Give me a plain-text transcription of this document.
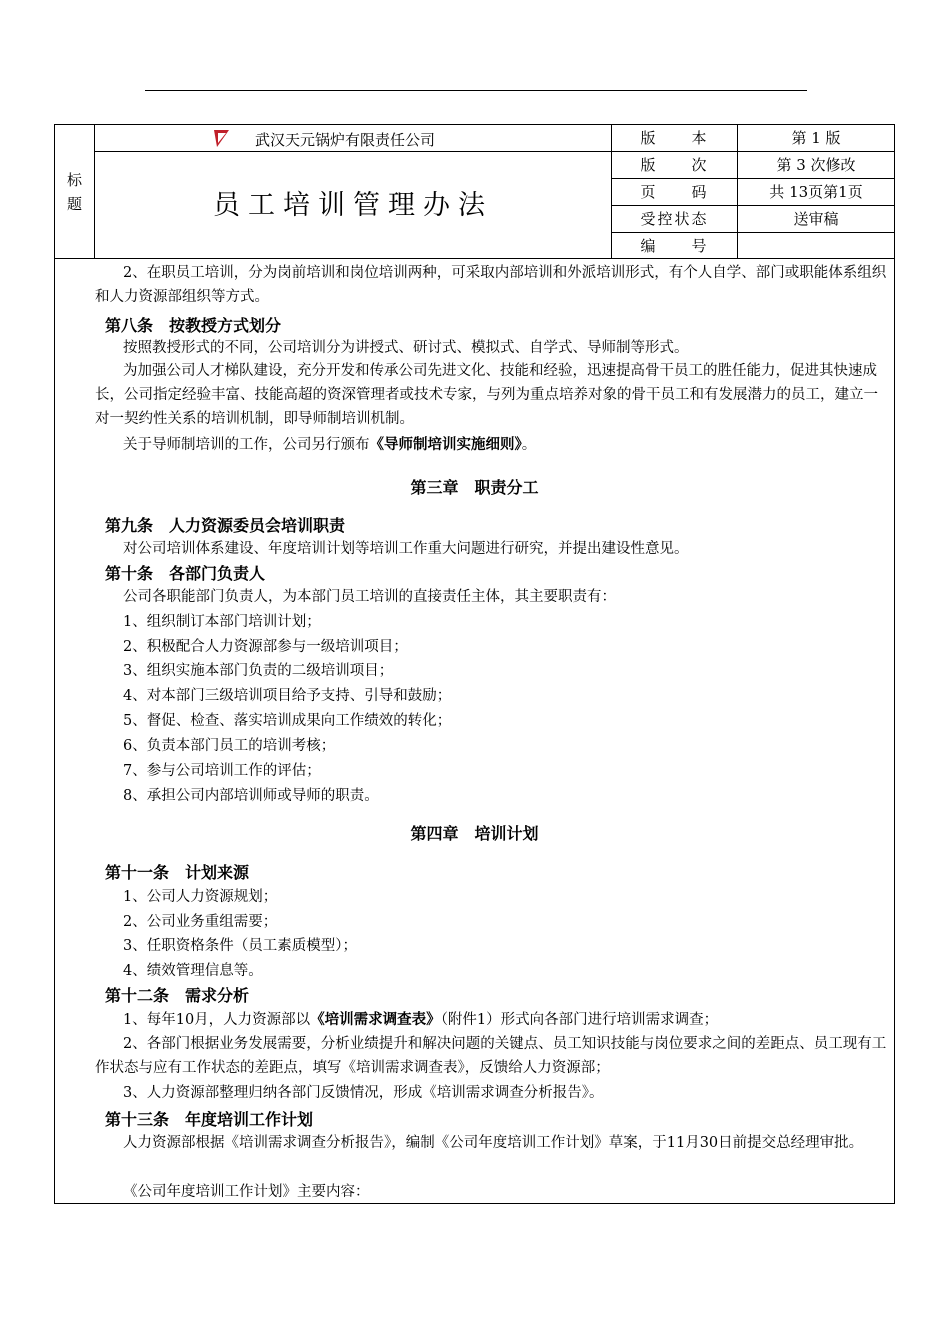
标题
武汉天元锅炉有限责任公司
员工培训管理办法
版　　本	第 1 版
版　　次	第 3 次修改
页　　码	共 13页第1页
受控状态	送审稿
编　　号
2、在职员工培训，分为岗前培训和岗位培训两种，可采取内部培训和外派培训形式，有个人自学、部门或职能体系组织和人力资源部组织等方式。
第八条　按教授方式划分
按照教授形式的不同，公司培训分为讲授式、研讨式、模拟式、自学式、导师制等形式。
为加强公司人才梯队建设，充分开发和传承公司先进文化、技能和经验，迅速提高骨干员工的胜任能力，促进其快速成长，公司指定经验丰富、技能高超的资深管理者或技术专家，与列为重点培养对象的骨干员工和有发展潜力的员工，建立一对一契约性关系的培训机制，即导师制培训机制。
关于导师制培训的工作，公司另行颁布《导师制培训实施细则》。
第三章　职责分工
第九条　人力资源委员会培训职责
对公司培训体系建设、年度培训计划等培训工作重大问题进行研究，并提出建设性意见。
第十条　各部门负责人
公司各职能部门负责人，为本部门员工培训的直接责任主体，其主要职责有：
1、组织制订本部门培训计划；
2、积极配合人力资源部参与一级培训项目；
3、组织实施本部门负责的二级培训项目；
4、对本部门三级培训项目给予支持、引导和鼓励；
5、督促、检查、落实培训成果向工作绩效的转化；
6、负责本部门员工的培训考核；
7、参与公司培训工作的评估；
8、承担公司内部培训师或导师的职责。
第四章　培训计划
第十一条　计划来源
1、公司人力资源规划；
2、公司业务重组需要；
3、任职资格条件（员工素质模型）；
4、绩效管理信息等。
第十二条　需求分析
1、每年10月，人力资源部以《培训需求调查表》（附件1）形式向各部门进行培训需求调查；
2、各部门根据业务发展需要，分析业绩提升和解决问题的关键点、员工知识技能与岗位要求之间的差距点、员工现有工作状态与应有工作状态的差距点，填写《培训需求调查表》，反馈给人力资源部；
3、人力资源部整理归纳各部门反馈情况，形成《培训需求调查分析报告》。
第十三条　年度培训工作计划
人力资源部根据《培训需求调查分析报告》，编制《公司年度培训工作计划》草案，于11月30日前提交总经理审批。
《公司年度培训工作计划》主要内容：
